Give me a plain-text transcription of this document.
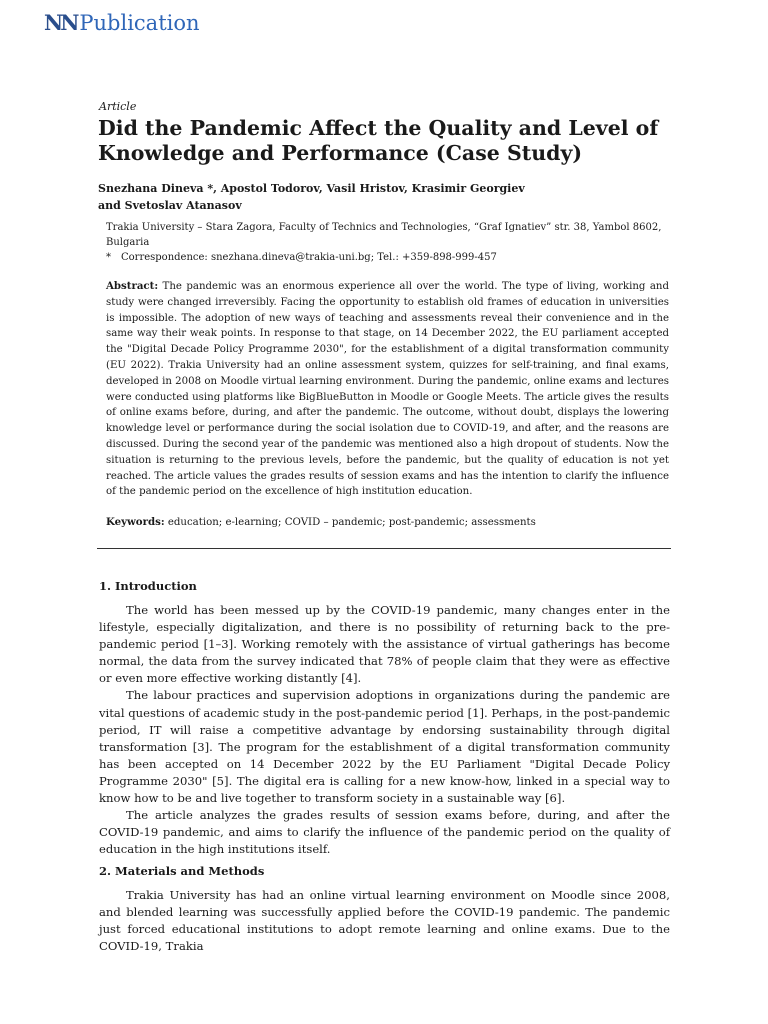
NN Publication
Article
Did the Pandemic Affect the Quality and Level of Knowledge and Performance (Case Study)
Snezhana Dineva *, Apostol Todorov, Vasil Hristov, Krasimir Georgiev
and Svetoslav Atanasov
Trakia University – Stara Zagora, Faculty of Technics and Technologies, “Graf Ignatiev” str. 38, Yambol 8602, Bulgaria
* Correspondence: snezhana.dineva@trakia-uni.bg; Tel.: +359-898-999-457
Abstract: The pandemic was an enormous experience all over the world. The type of living, working and study were changed irreversibly. Facing the opportunity to establish old frames of education in universities is impossible. The adoption of new ways of teaching and assessments reveal their convenience and in the same way their weak points. In response to that stage, on 14 December 2022, the EU parliament accepted the "Digital Decade Policy Programme 2030", for the establishment of a digital transformation community (EU 2022). Trakia University had an online assessment system, quizzes for self-training, and final exams, developed in 2008 on Moodle virtual learning environment. During the pandemic, online exams and lectures were conducted using platforms like BigBlueButton in Moodle or Google Meets. The article gives the results of online exams before, during, and after the pandemic. The outcome, without doubt, displays the lowering knowledge level or performance during the social isolation due to COVID-19, and after, and the reasons are discussed. During the second year of the pandemic was mentioned also a high dropout of students. Now the situation is returning to the previous levels, before the pandemic, but the quality of education is not yet reached. The article values the grades results of session exams and has the intention to clarify the influence of the pandemic period on the excellence of high institution education.
Keywords: education; e-learning; COVID – pandemic; post-pandemic; assessments
1. Introduction

The world has been messed up by the COVID-19 pandemic, many changes enter in the lifestyle, especially digitalization, and there is no possibility of returning back to the pre-pandemic period [1–3]. Working remotely with the assistance of virtual gatherings has become normal, the data from the survey indicated that 78% of people claim that they were as effective or even more effective working distantly [4].

The labour practices and supervision adoptions in organizations during the pandemic are vital questions of academic study in the post-pandemic period [1]. Perhaps, in the post-pandemic period, IT will raise a competitive advantage by endorsing sustainability through digital transformation [3]. The program for the establishment of a digital transformation community has been accepted on 14 December 2022 by the EU Parliament "Digital Decade Policy Programme 2030" [5]. The digital era is calling for a new know-how, linked in a special way to know how to be and live together to transform society in a sustainable way [6].

The article analyzes the grades results of session exams before, during, and after the COVID-19 pandemic, and aims to clarify the influence of the pandemic period on the quality of education in the high institutions itself.

2. Materials and Methods

Trakia University has had an online virtual learning environment on Moodle since 2008, and blended learning was successfully applied before the COVID-19 pandemic. The pandemic just forced educational institutions to adopt remote learning and online exams. Due to the COVID-19, Trakia
